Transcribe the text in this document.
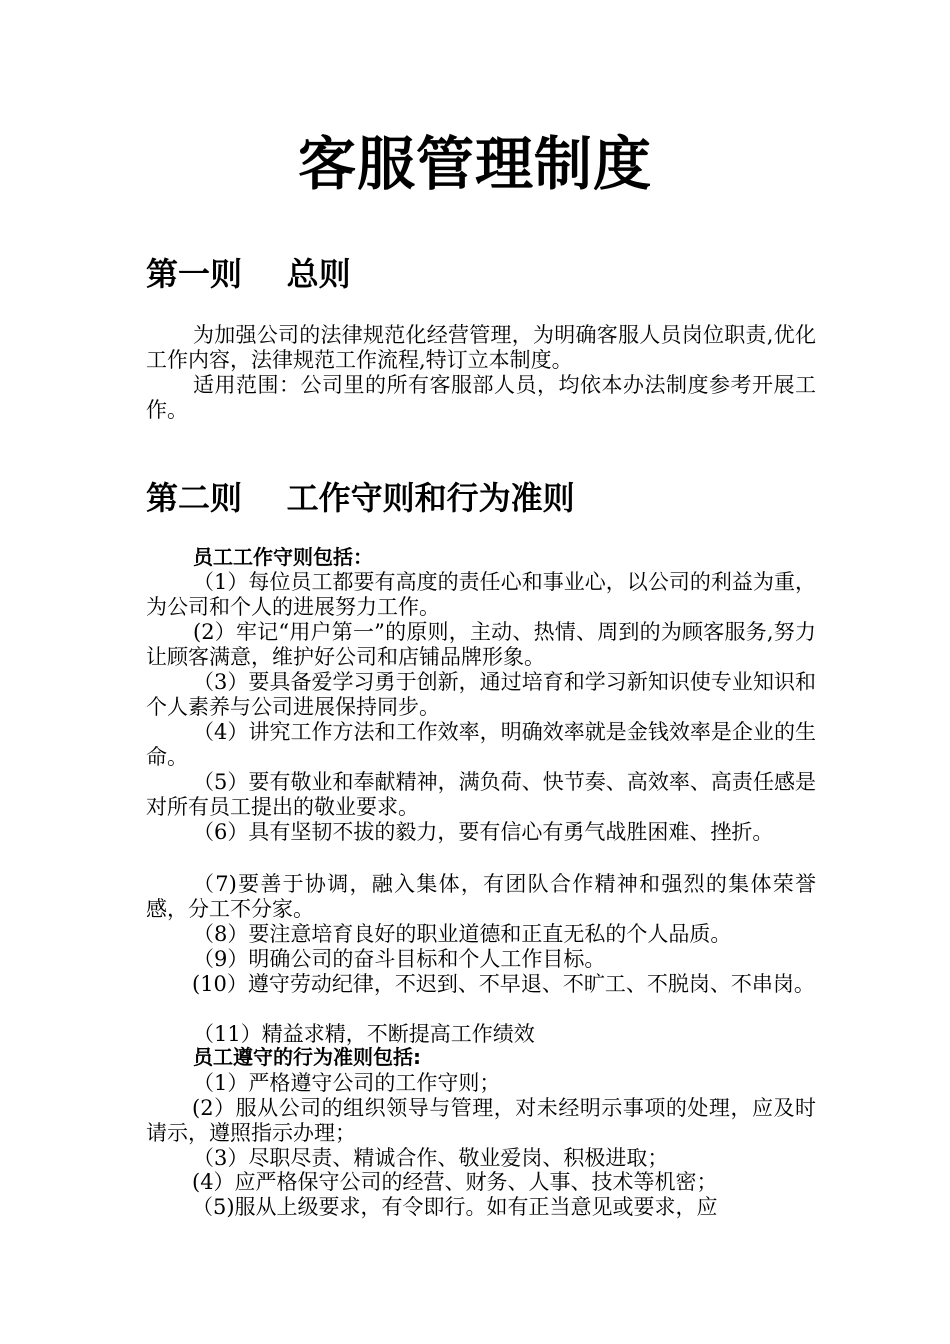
客服管理制度
第一则    总则
为加强公司的法律规范化经营管理，为明确客服人员岗位职责,优化工作内容，法律规范工作流程,特订立本制度。
适用范围：公司里的所有客服部人员，均依本办法制度参考开展工作。
第二则    工作守则和行为准则
员工工作守则包括：
（1）每位员工都要有高度的责任心和事业心，以公司的利益为重， 为公司和个人的进展努力工作。
(2）牢记“用户第一”的原则，主动、热情、周到的为顾客服务,努力让顾客满意，维护好公司和店铺品牌形象。
（3）要具备爱学习勇于创新，通过培育和学习新知识使专业知识和个人素养与公司进展保持同步。
（4）讲究工作方法和工作效率，明确效率就是金钱效率是企业的生命。
（5）要有敬业和奉献精神，满负荷、快节奏、高效率、高责任感是对所有员工提出的敬业要求。
（6）具有坚韧不拔的毅力，要有信心有勇气战胜困难、挫折。
（7)要善于协调，融入集体，有团队合作精神和强烈的集体荣誉感，分工不分家。
（8）要注意培育良好的职业道德和正直无私的个人品质。
（9）明确公司的奋斗目标和个人工作目标。
(10）遵守劳动纪律，不迟到、不早退、不旷工、不脱岗、不串岗。
（11）精益求精，不断提高工作绩效
员工遵守的行为准则包括:
（1）严格遵守公司的工作守则；
(2）服从公司的组织领导与管理，对未经明示事项的处理，应及时请示，遵照指示办理；
（3）尽职尽责、精诚合作、敬业爱岗、积极进取；
(4）应严格保守公司的经营、财务、人事、技术等机密；
（5)服从上级要求，有令即行。如有正当意见或要求，应
